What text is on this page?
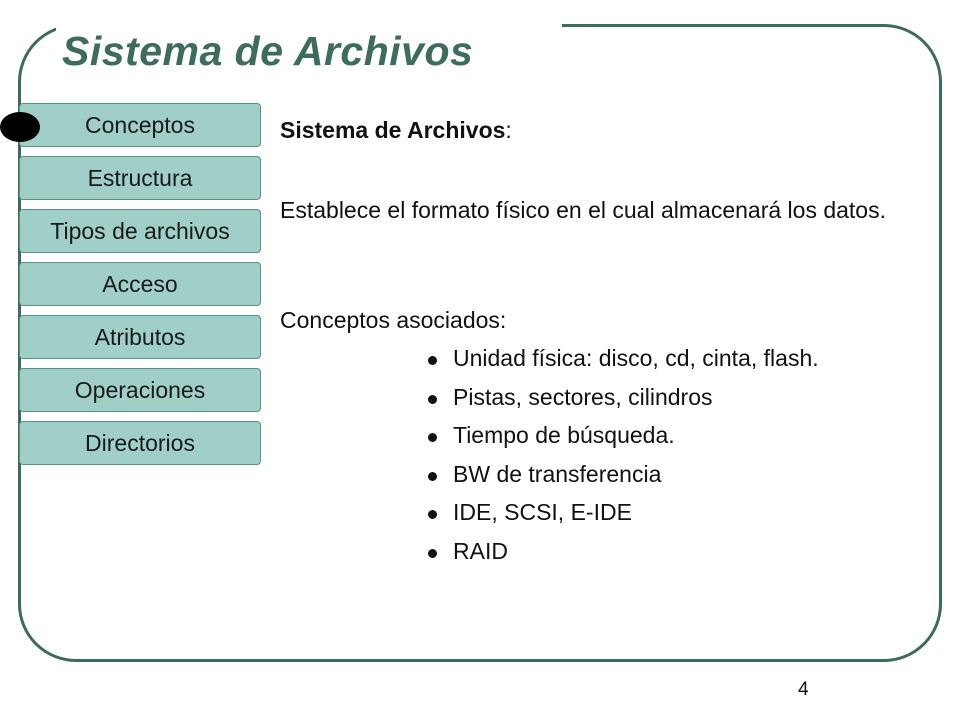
Sistema de Archivos
Conceptos
Estructura
Tipos de archivos
Acceso
Atributos
Operaciones
Directorios

Sistema de Archivos:

Establece el formato físico en el cual almacenará los datos.

Conceptos asociados:

Unidad física: disco, cd, cinta, flash.
Pistas, sectores, cilindros
Tiempo de búsqueda.
BW de transferencia
IDE, SCSI, E-IDE
RAID
4
